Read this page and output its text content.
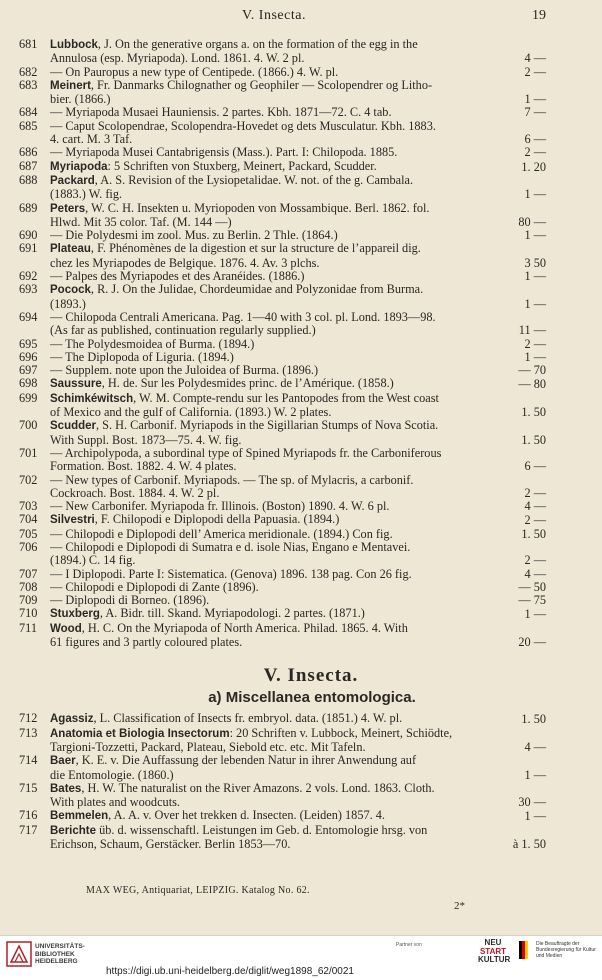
V. Insecta.	19
681	Lubbock, J. On the generative organs a. on the formation of the egg in the
Annulosa (esp. Myriapoda). Lond. 1861. 4. W. 2 pl.	4 —
682	— On Pauropus a new type of Centipede. (1866.) 4. W. pl.	2 —
683	Meinert, Fr. Danmarks Chilognather og Geophiler — Scolopendrer og Litho-
bier. (1866.)	1 —
684	— Myriapoda Musaei Hauniensis. 2 partes. Kbh. 1871—72. C. 4 tab.	7 —
685	— Caput Scolopendrae, Scolopendra-Hovedet og dets Musculatur. Kbh. 1883.
4. cart. M. 3 Taf.	6 —
686	— Myriapoda Musei Cantabrigensis (Mass.). Part. I: Chilopoda. 1885.	2 —
687	Myriapoda: 5 Schriften von Stuxberg, Meinert, Packard, Scudder.	1. 20
688	Packard, A. S. Revision of the Lysiopetalidae. W. not. of the g. Cambala.
(1883.) W. fig.	1 —
689	Peters, W. C. H. Insekten u. Myriopoden von Mossambique. Berl. 1862. fol.
Hlwd. Mit 35 color. Taf. (M. 144 —)	80 —
690	— Die Polydesmi im zool. Mus. zu Berlin. 2 Thle. (1864.)	1 —
691	Plateau, F. Phénomènes de la digestion et sur la structure de l’appareil dig.
chez les Myriapodes de Belgique. 1876. 4. Av. 3 plchs.	3 50
692	— Palpes des Myriapodes et des Aranéides. (1886.)	1 —
693	Pocock, R. J. On the Julidae, Chordeumidae and Polyzonidae from Burma.
(1893.)	1 —
694	— Chilopoda Centrali Americana. Pag. 1—40 with 3 col. pl. Lond. 1893—98.
(As far as published, continuation regularly supplied.)	11 —
695	— The Polydesmoidea of Burma. (1894.)	2 —
696	— The Diplopoda of Liguria. (1894.)	1 —
697	— Supplem. note upon the Juloidea of Burma. (1896.)	— 70
698	Saussure, H. de. Sur les Polydesmides princ. de l’Amérique. (1858.)	— 80
699	Schimkéwitsch, W. M. Compte-rendu sur les Pantopodes from the West coast
of Mexico and the gulf of California. (1893.) W. 2 plates.	1. 50
700	Scudder, S. H. Carbonif. Myriapods in the Sigillarian Stumps of Nova Scotia.
With Suppl. Bost. 1873—75. 4. W. fig.	1. 50
701	— Archipolypoda, a subordinal type of Spined Myriapods fr. the Carboniferous
Formation. Bost. 1882. 4. W. 4 plates.	6 —
702	— New types of Carbonif. Myriapods. — The sp. of Mylacris, a carbonif.
Cockroach. Bost. 1884. 4. W. 2 pl.	2 —
703	— New Carbonifer. Myriapoda fr. Illinois. (Boston) 1890. 4. W. 6 pl.	4 —
704	Silvestri, F. Chilopodi e Diplopodi della Papuasia. (1894.)	2 —
705	— Chilopodi e Diplopodi dell’ America meridionale. (1894.) Con fig.	1. 50
706	— Chilopodi e Diplopodi di Sumatra e d. isole Nias, Engano e Mentavei.
(1894.) C. 14 fig.	2 —
707	— I Diplopodi. Parte I: Sistematica. (Genova) 1896. 138 pag. Con 26 fig.	4 —
708	— Chilopodi e Diplopodi di Zante (1896).	— 50
709	— Diplopodi di Borneo. (1896).	— 75
710	Stuxberg, A. Bidr. till. Skand. Myriapodologi. 2 partes. (1871.)	1 —
711	Wood, H. C. On the Myriapoda of North America. Philad. 1865. 4. With
61 figures and 3 partly coloured plates.	20 —
V. Insecta.
a) Miscellanea entomologica.
712	Agassiz, L. Classification of Insects fr. embryol. data. (1851.) 4. W. pl.	1. 50
713	Anatomia et Biologia Insectorum: 20 Schriften v. Lubbock, Meinert, Schiödte,
Targioni-Tozzetti, Packard, Plateau, Siebold etc. etc. Mit Tafeln.	4 —
714	Baer, K. E. v. Die Auffassung der lebenden Natur in ihrer Anwendung auf
die Entomologie. (1860.)	1 —
715	Bates, H. W. The naturalist on the River Amazons. 2 vols. Lond. 1863. Cloth.
With plates and woodcuts.	30 —
716	Bemmelen, A. A. v. Over het trekken d. Insecten. (Leiden) 1857. 4.	1 —
717	Berichte üb. d. wissenschaftl. Leistungen im Geb. d. Entomologie hrsg. von
Erichson, Schaum, Gerstäcker. Berlin 1853—70.	à 1. 50
MAX WEG, Antiquariat, LEIPZIG. Katalog No. 62.
2*
UNIVERSITÄTS-
BIBLIOTHEK
HEIDELBERG
https://digi.ub.uni-heidelberg.de/diglit/weg1898_62/0021
Partner von	NEU
START
KULTUR
Die Beauftragte der Bundesregierung für Kultur und Medien
